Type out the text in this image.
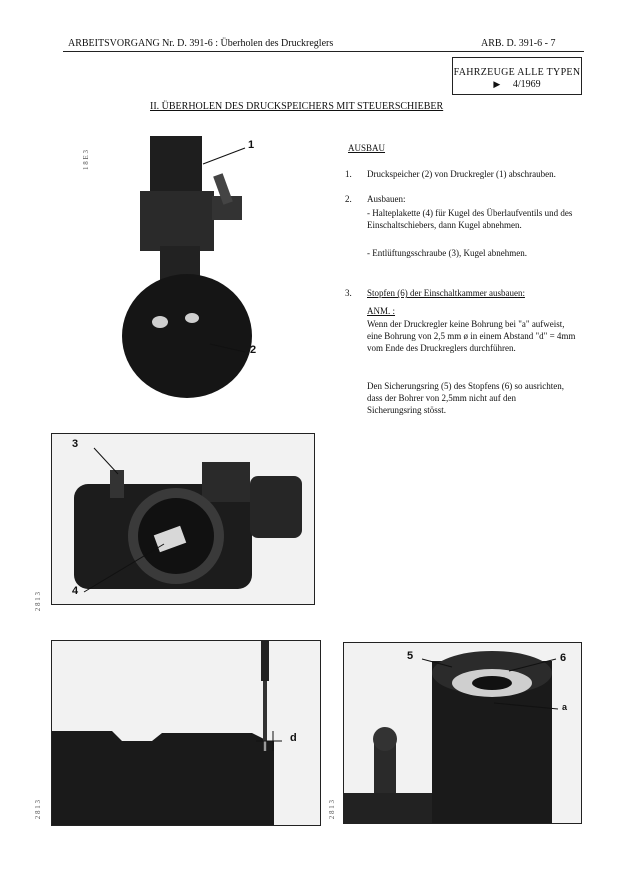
ARBEITSVORGANG Nr. D. 391-6 : Überholen des Druckreglers	ARB. D. 391-6 - 7
FAHRZEUGE ALLE TYPEN
▶ 4/1969
II. ÜBERHOLEN DES DRUCKSPEICHERS MIT STEUERSCHIEBER
AUSBAU
1. Druckspeicher (2) von Druckregler (1) abschrauben.
2. Ausbauen:
- Halteplakette (4) für Kugel des Überlaufventils und des Einschaltschiebers, dann Kugel abnehmen.
- Entlüftungsschraube (3), Kugel abnehmen.
3. Stopfen (6) der Einschaltkammer ausbauen:
ANM. :
Wenn der Druckregler keine Bohrung bei "a" aufweist, eine Bohrung von 2,5 mm ø in einem Abstand "d" = 4mm vom Ende des Druckreglers durchführen.
Den Sicherungsring (5) des Stopfens (6) so ausrichten, dass der Bohrer von 2,5mm nicht auf den Sicherungsring stösst.
1
2
1 8 E 3
3
4
2 8 1 3
d
2 8 1 3
5	6
a
2 8 1 3
